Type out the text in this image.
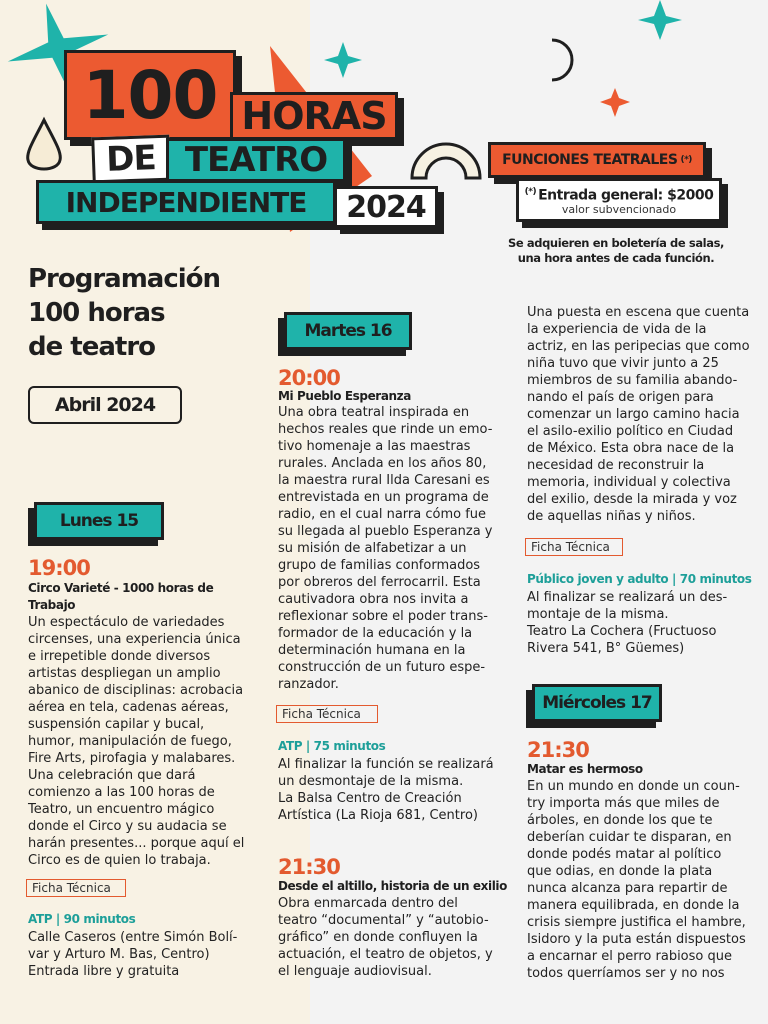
100 HORAS
DE TEATRO
INDEPENDIENTE	2024
FUNCIONES TEATRALES (*)
(*) Entrada general: $2000
valor subvencionado
Se adquieren en boletería de salas,
una hora antes de cada función.
Programación
100 horas
de teatro
Abril 2024
Lunes 15
19:00
Circo Varieté - 1000 horas de
Trabajo
Un espectáculo de variedades
circenses, una experiencia única
e irrepetible donde diversos
artistas despliegan un amplio
abanico de disciplinas: acrobacia
aérea en tela, cadenas aéreas,
suspensión capilar y bucal,
humor, manipulación de fuego,
Fire Arts, pirofagia y malabares.
Una celebración que dará
comienzo a las 100 horas de
Teatro, un encuentro mágico
donde el Circo y su audacia se
harán presentes... porque aquí el
Circo es de quien lo trabaja.
Ficha Técnica
ATP | 90 minutos
Calle Caseros (entre Simón Bolí-
var y Arturo M. Bas, Centro)
Entrada libre y gratuita
Martes 16
20:00
Mi Pueblo Esperanza
Una obra teatral inspirada en
hechos reales que rinde un emo-
tivo homenaje a las maestras
rurales. Anclada en los años 80,
la maestra rural Ilda Caresani es
entrevistada en un programa de
radio, en el cual narra cómo fue
su llegada al pueblo Esperanza y
su misión de alfabetizar a un
grupo de familias conformados
por obreros del ferrocarril. Esta
cautivadora obra nos invita a
reflexionar sobre el poder trans-
formador de la educación y la
determinación humana en la
construcción de un futuro espe-
ranzador.
Ficha Técnica
ATP | 75 minutos
Al finalizar la función se realizará
un desmontaje de la misma.
La Balsa Centro de Creación
Artística (La Rioja 681, Centro)
21:30
Desde el altillo, historia de un exilio
Obra enmarcada dentro del
teatro “documental” y “autobio-
gráfico” en donde confluyen la
actuación, el teatro de objetos, y
el lenguaje audiovisual.
Una puesta en escena que cuenta
la experiencia de vida de la
actriz, en las peripecias que como
niña tuvo que vivir junto a 25
miembros de su familia abando-
nando el país de origen para
comenzar un largo camino hacia
el asilo-exilio político en Ciudad
de México. Esta obra nace de la
necesidad de reconstruir la
memoria, individual y colectiva
del exilio, desde la mirada y voz
de aquellas niñas y niños.
Ficha Técnica
Público joven y adulto | 70 minutos
Al finalizar se realizará un des-
montaje de la misma.
Teatro La Cochera (Fructuoso
Rivera 541, B° Güemes)
Miércoles 17
21:30
Matar es hermoso
En un mundo en donde un coun-
try importa más que miles de
árboles, en donde los que te
deberían cuidar te disparan, en
donde podés matar al político
que odias, en donde la plata
nunca alcanza para repartir de
manera equilibrada, en donde la
crisis siempre justifica el hambre,
Isidoro y la puta están dispuestos
a encarnar el perro rabioso que
todos querríamos ser y no nos
